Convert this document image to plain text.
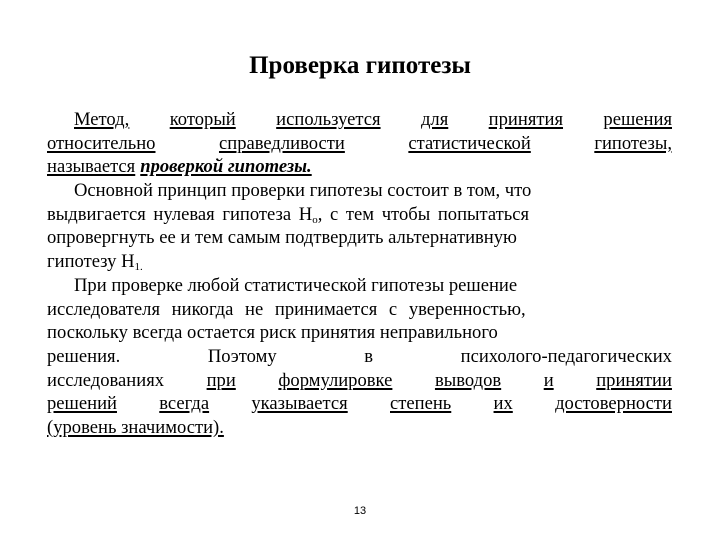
Проверка гипотезы
Метод, который используется для принятия решения
относительно	справедливости	статистической	гипотезы,
называется проверкой гипотезы.
Основной принцип проверки гипотезы состоит в том, что
выдвигается нулевая гипотеза $Н_о$, с тем чтобы попытаться
опровергнуть ее и тем самым подтвердить альтернативную
гипотезу $Н_{1.}$
При проверке любой статистической гипотезы решение
исследователя никогда не принимается с уверенностью,
поскольку всегда остается риск принятия неправильного
решения.	Поэтому	в	психолого-педагогических
исследованиях при формулировке выводов и принятии
решений всегда указывается степень их достоверности
(уровень значимости).
13
